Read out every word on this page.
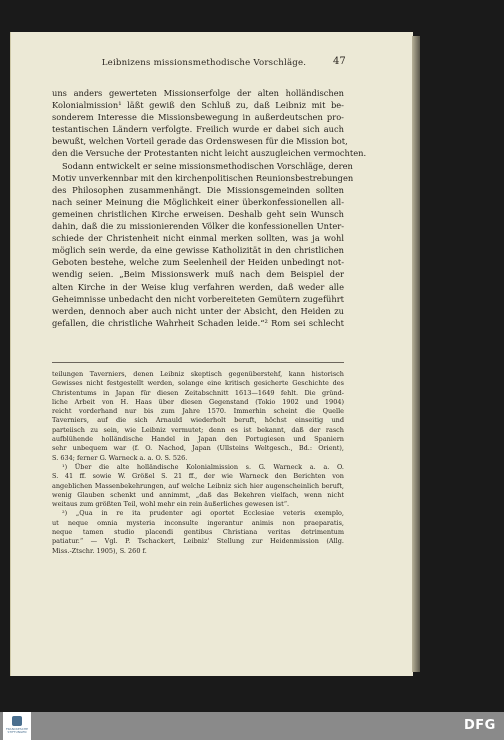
Leibnizens missionsmethodische Vorschläge.	47
uns anders gewerteten Missionserfolge der alten holländischen
Kolonialmission¹ läßt gewiß den Schluß zu, daß Leibniz mit be-
sonderem Interesse die Missionsbewegung in außerdeutschen pro-
testantischen Ländern verfolgte. Freilich wurde er dabei sich auch
bewußt, welchen Vorteil gerade das Ordenswesen für die Mission bot,
den die Versuche der Protestanten nicht leicht auszugleichen vermochten.
Sodann entwickelt er seine missionsmethodischen Vorschläge, deren
Motiv unverkennbar mit den kirchenpolitischen Reunionsbestrebungen
des Philosophen zusammenhängt. Die Missionsgemeinden sollten
nach seiner Meinung die Möglichkeit einer überkonfessionellen all-
gemeinen christlichen Kirche erweisen. Deshalb geht sein Wunsch
dahin, daß die zu missionierenden Völker die konfessionellen Unter-
schiede der Christenheit nicht einmal merken sollten, was ja wohl
möglich sein werde, da eine gewisse Katholizität in den christlichen
Geboten bestehe, welche zum Seelenheil der Heiden unbedingt not-
wendig seien. „Beim Missionswerk muß nach dem Beispiel der
alten Kirche in der Weise klug verfahren werden, daß weder alle
Geheimnisse unbedacht den nicht vorbereiteten Gemütern zugeführt
werden, dennoch aber auch nicht unter der Absicht, den Heiden zu
gefallen, die christliche Wahrheit Schaden leide.“² Rom sei schlecht
teilungen Taverniers, denen Leibniz skeptisch gegenüberstehf, kann historisch
Gewisses nicht festgestellt werden, solange eine kritisch gesicherte Geschichte des
Christentums in Japan für diesen Zeitabschnitt 1613—1649 fehlt. Die gründ-
liche Arbeit von H. Haas über diesen Gegenstand (Tokio 1902 und 1904)
reicht vorderhand nur bis zum Jahre 1570. Immerhin scheint die Quelle
Taverniers, auf die sich Arnauld wiederholt beruft, höchst einseitig und
parteiisch zu sein, wie Leibniz vermutet; denn es ist bekannt, daß der rasch
aufblühende holländische Handel in Japan den Portugiesen und Spaniern
sehr unbequem war (f. O. Nachod, Japan (Ullsteins Weltgesch., Bd.: Orient),
S. 634; ferner G. Warneck a. a. O. S. 526.
¹) Über die alte holländische Kolonialmission s. G. Warneck a. a. O.
S. 41 ff. sowie W. Größel S. 21 ff., der wie Warneck den Berichten von
angeblichen Massenbekehrungen, auf welche Leibniz sich hier augenscheinlich beruft,
wenig Glauben schenkt und annimmt, „daß das Bekehren vielfach, wenn nicht
weitaus zum größten Teil, wohl mehr ein rein äußerliches gewesen ist“.
²) „Qua in re ita prudenter agi oportet Ecclesiae veteris exemplo,
ut neque omnia mysteria inconsulte ingerantur animis non praeparatis,
neque tamen studio placendi gentibus Christiana veritas detrimentum
patiatur.“ — Vgl. P. Tschackert, Leibniz' Stellung zur Heidenmission (Allg.
Miss.-Ztschr. 1905), S. 260 f.
FRANCKESCHE STIFTUNGEN	DFG
